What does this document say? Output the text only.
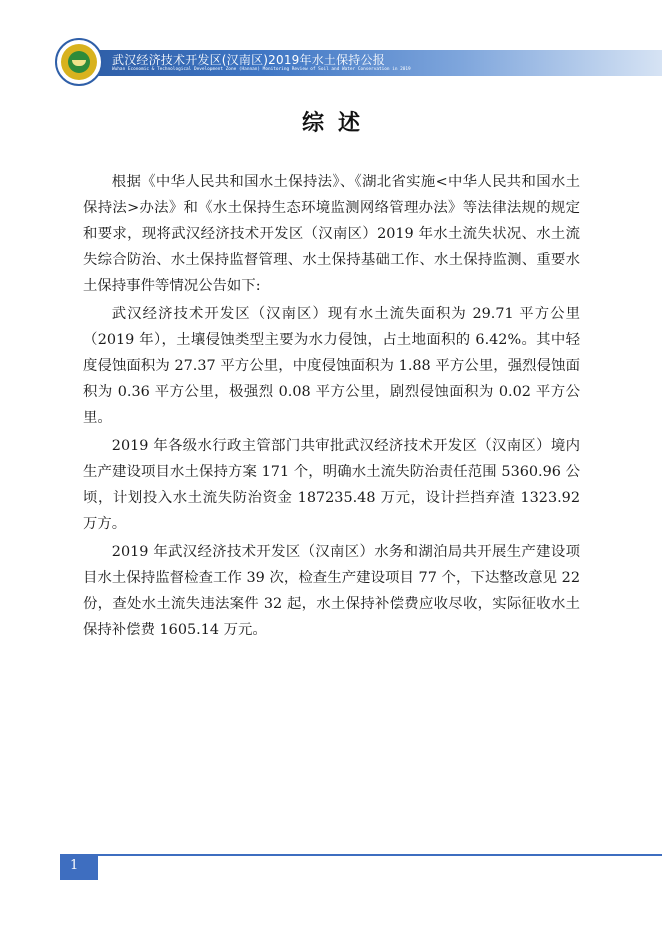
武汉经济技术开发区(汉南区)2019年水土保持公报
Wuhan Economic & Technological Development Zone (Hannan) Monitoring Review of Soil and Water Conservation in 2019
综述

根据《中华人民共和国水土保持法》、《湖北省实施<中华人民共和国水土保持法>办法》和《水土保持生态环境监测网络管理办法》等法律法规的规定和要求，现将武汉经济技术开发区（汉南区）2019 年水土流失状况、水土流失综合防治、水土保持监督管理、水土保持基础工作、水土保持监测、重要水土保持事件等情况公告如下:

武汉经济技术开发区（汉南区）现有水土流失面积为 29.71 平方公里（2019 年），土壤侵蚀类型主要为水力侵蚀，占土地面积的 6.42%。其中轻度侵蚀面积为 27.37 平方公里，中度侵蚀面积为 1.88 平方公里，强烈侵蚀面积为 0.36 平方公里，极强烈 0.08 平方公里，剧烈侵蚀面积为 0.02 平方公里。

2019 年各级水行政主管部门共审批武汉经济技术开发区（汉南区）境内生产建设项目水土保持方案 171 个，明确水土流失防治责任范围 5360.96 公顷，计划投入水土流失防治资金 187235.48 万元，设计拦挡弃渣 1323.92 万方。

2019 年武汉经济技术开发区（汉南区）水务和湖泊局共开展生产建设项目水土保持监督检查工作 39 次，检查生产建设项目 77 个，下达整改意见 22 份，查处水土流失违法案件 32 起，水土保持补偿费应收尽收，实际征收水土保持补偿费 1605.14 万元。

1
